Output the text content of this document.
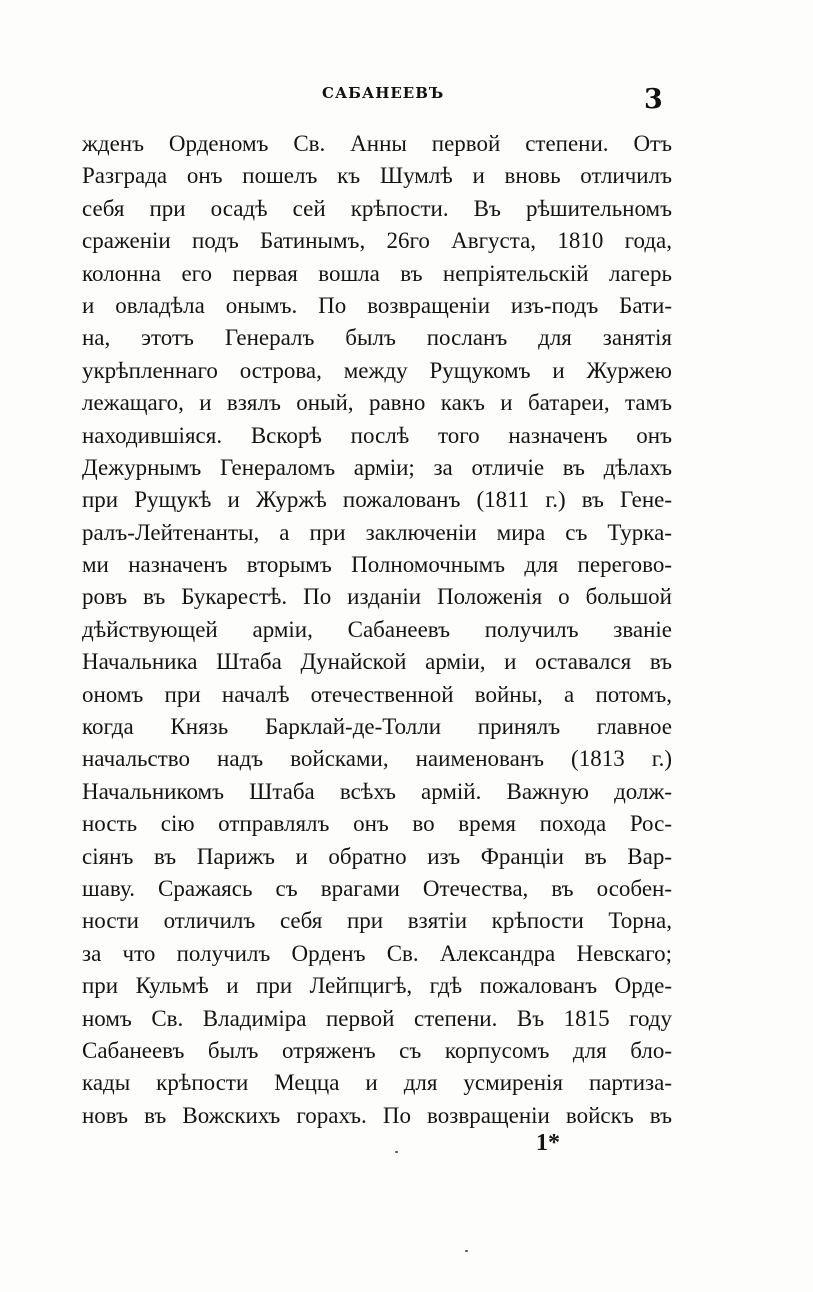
САБАНЕЕВЪ	3
жденъ Орденомъ Св. Анны первой степени. Отъ
Разграда онъ пошелъ къ Шумлѣ и вновь отличилъ
себя при осадѣ сей крѣпости. Въ рѣшительномъ
сраженіи подъ Батинымъ, 26го Августа, 1810 года,
колонна его первая вошла въ непріятельскій лагерь
и овладѣла онымъ. По возвращеніи изъ-подъ Бати-
на, этотъ Генералъ былъ посланъ для занятія
укрѣпленнаго острова, между Рущукомъ и Журжею
лежащаго, и взялъ оный, равно какъ и батареи, тамъ
находившіяся. Вскорѣ послѣ того назначенъ онъ
Дежурнымъ Генераломъ арміи; за отличіе въ дѣлахъ
при Рущукѣ и Журжѣ пожалованъ (1811 г.) въ Гене-
ралъ-Лейтенанты, а при заключеніи мира съ Турка-
ми назначенъ вторымъ Полномочнымъ для перегово-
ровъ въ Букарестѣ. По изданіи Положенія о большой
дѣйствующей арміи, Сабанеевъ получилъ званіе
Начальника Штаба Дунайской арміи, и оставался въ
ономъ при началѣ отечественной войны, а потомъ,
когда Князь Барклай-де-Толли принялъ главное
начальство надъ войсками, наименованъ (1813 г.)
Начальникомъ Штаба всѣхъ армій. Важную долж-
ность сію отправлялъ онъ во время похода Рос-
сіянъ въ Парижъ и обратно изъ Франціи въ Вар-
шаву. Сражаясь съ врагами Отечества, въ особен-
ности отличилъ себя при взятіи крѣпости Торна,
за что получилъ Орденъ Св. Александра Невскаго;
при Кульмѣ и при Лейпцигѣ, гдѣ пожалованъ Орде-
номъ Св. Владиміра первой степени. Въ 1815 году
Сабанеевъ былъ отряженъ съ корпусомъ для бло-
кады крѣпости Мецца и для усмиренія партиза-
новъ въ Вожскихъ горахъ. По возвращеніи войскъ въ
1*
